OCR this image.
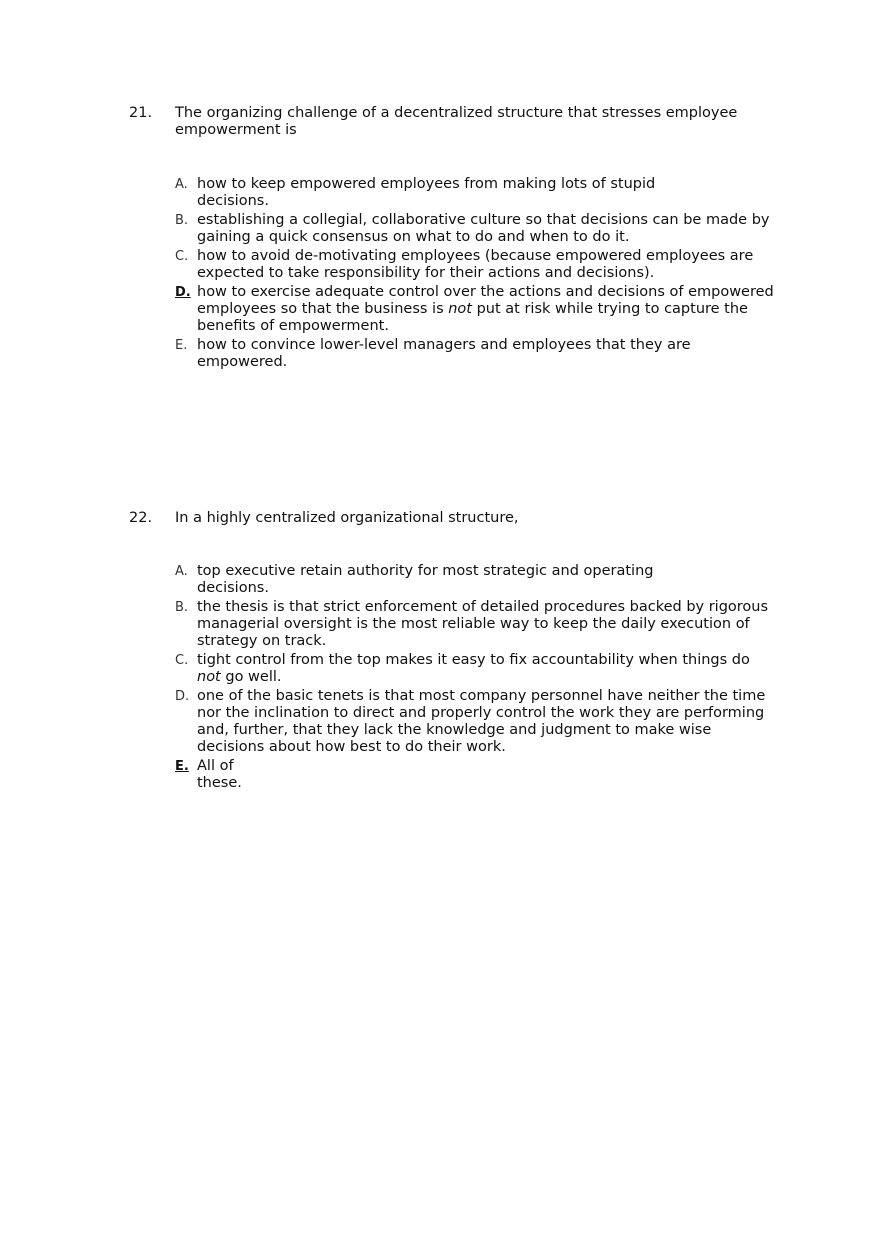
21. The organizing challenge of a decentralized structure that stresses employee empowerment is
A. how to keep empowered employees from making lots of stupid decisions.
B. establishing a collegial, collaborative culture so that decisions can be made by gaining a quick consensus on what to do and when to do it.
C. how to avoid de-motivating employees (because empowered employees are expected to take responsibility for their actions and decisions).
D. how to exercise adequate control over the actions and decisions of empowered employees so that the business is not put at risk while trying to capture the benefits of empowerment.
E. how to convince lower-level managers and employees that they are empowered.
22. In a highly centralized organizational structure,
A. top executive retain authority for most strategic and operating decisions.
B. the thesis is that strict enforcement of detailed procedures backed by rigorous managerial oversight is the most reliable way to keep the daily execution of strategy on track.
C. tight control from the top makes it easy to fix accountability when things do not go well.
D. one of the basic tenets is that most company personnel have neither the time nor the inclination to direct and properly control the work they are performing and, further, that they lack the knowledge and judgment to make wise decisions about how best to do their work.
E. All of these.
